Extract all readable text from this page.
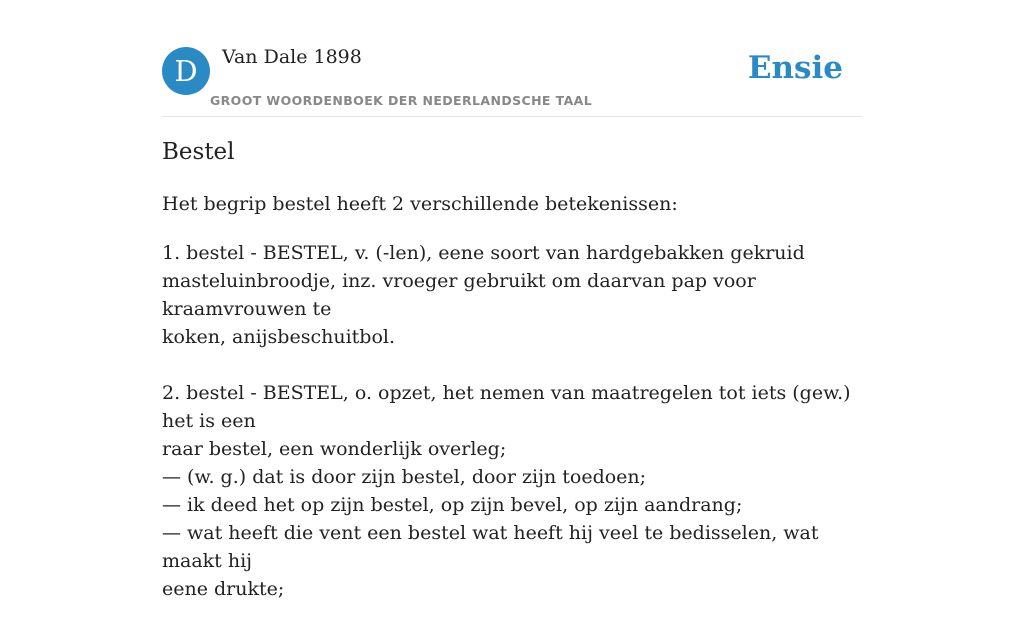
D	Van Dale 1898
GROOT WOORDENBOEK DER NEDERLANDSCHE TAAL
Ensie
Bestel

Het begrip bestel heeft 2 verschillende betekenissen:

1. bestel - BESTEL, v. (-len), eene soort van hardgebakken gekruid
masteluinbroodje, inz. vroeger gebruikt om daarvan pap voor kraamvrouwen te
koken, anijsbeschuitbol.
2. bestel - BESTEL, o. opzet, het nemen van maatregelen tot iets (gew.) het is een
raar bestel, een wonderlijk overleg;
— (w. g.) dat is door zijn bestel, door zijn toedoen;
— ik deed het op zijn bestel, op zijn bevel, op zijn aandrang;
— wat heeft die vent een bestel wat heeft hij veel te bedisselen, wat maakt hij
eene drukte;
